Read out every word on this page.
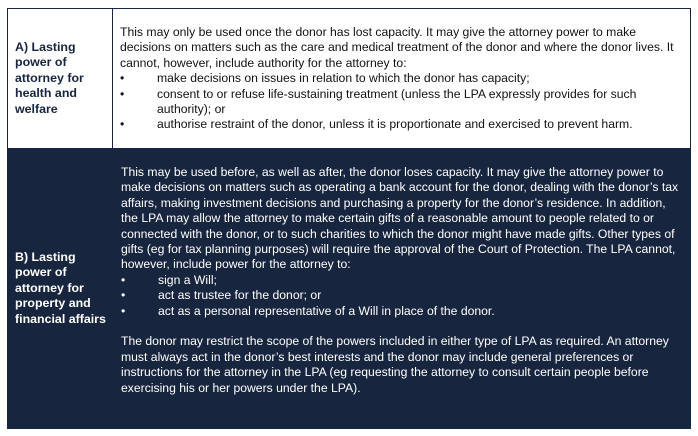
A) Lasting power of attorney for health and welfare

This may only be used once the donor has lost capacity. It may give the attorney power to make decisions on matters such as the care and medical treatment of the donor and where the donor lives. It cannot, however, include authority for the attorney to:

•	make decisions on issues in relation to which the donor has capacity;
•	consent to or refuse life-sustaining treatment (unless the LPA expressly provides for such authority); or
•	authorise restraint of the donor, unless it is proportionate and exercised to prevent harm.
B) Lasting power of attorney for property and financial affairs

This may be used before, as well as after, the donor loses capacity. It may give the attorney power to make decisions on matters such as operating a bank account for the donor, dealing with the donor’s tax affairs, making investment decisions and purchasing a property for the donor’s residence. In addition, the LPA may allow the attorney to make certain gifts of a reasonable amount to people related to or connected with the donor, or to such charities to which the donor might have made gifts. Other types of gifts (eg for tax planning purposes) will require the approval of the Court of Protection. The LPA cannot, however, include power for the attorney to:

•	sign a Will;
•	act as trustee for the donor; or
•	act as a personal representative of a Will in place of the donor.

The donor may restrict the scope of the powers included in either type of LPA as required. An attorney must always act in the donor’s best interests and the donor may include general preferences or instructions for the attorney in the LPA (eg requesting the attorney to consult certain people before exercising his or her powers under the LPA).
